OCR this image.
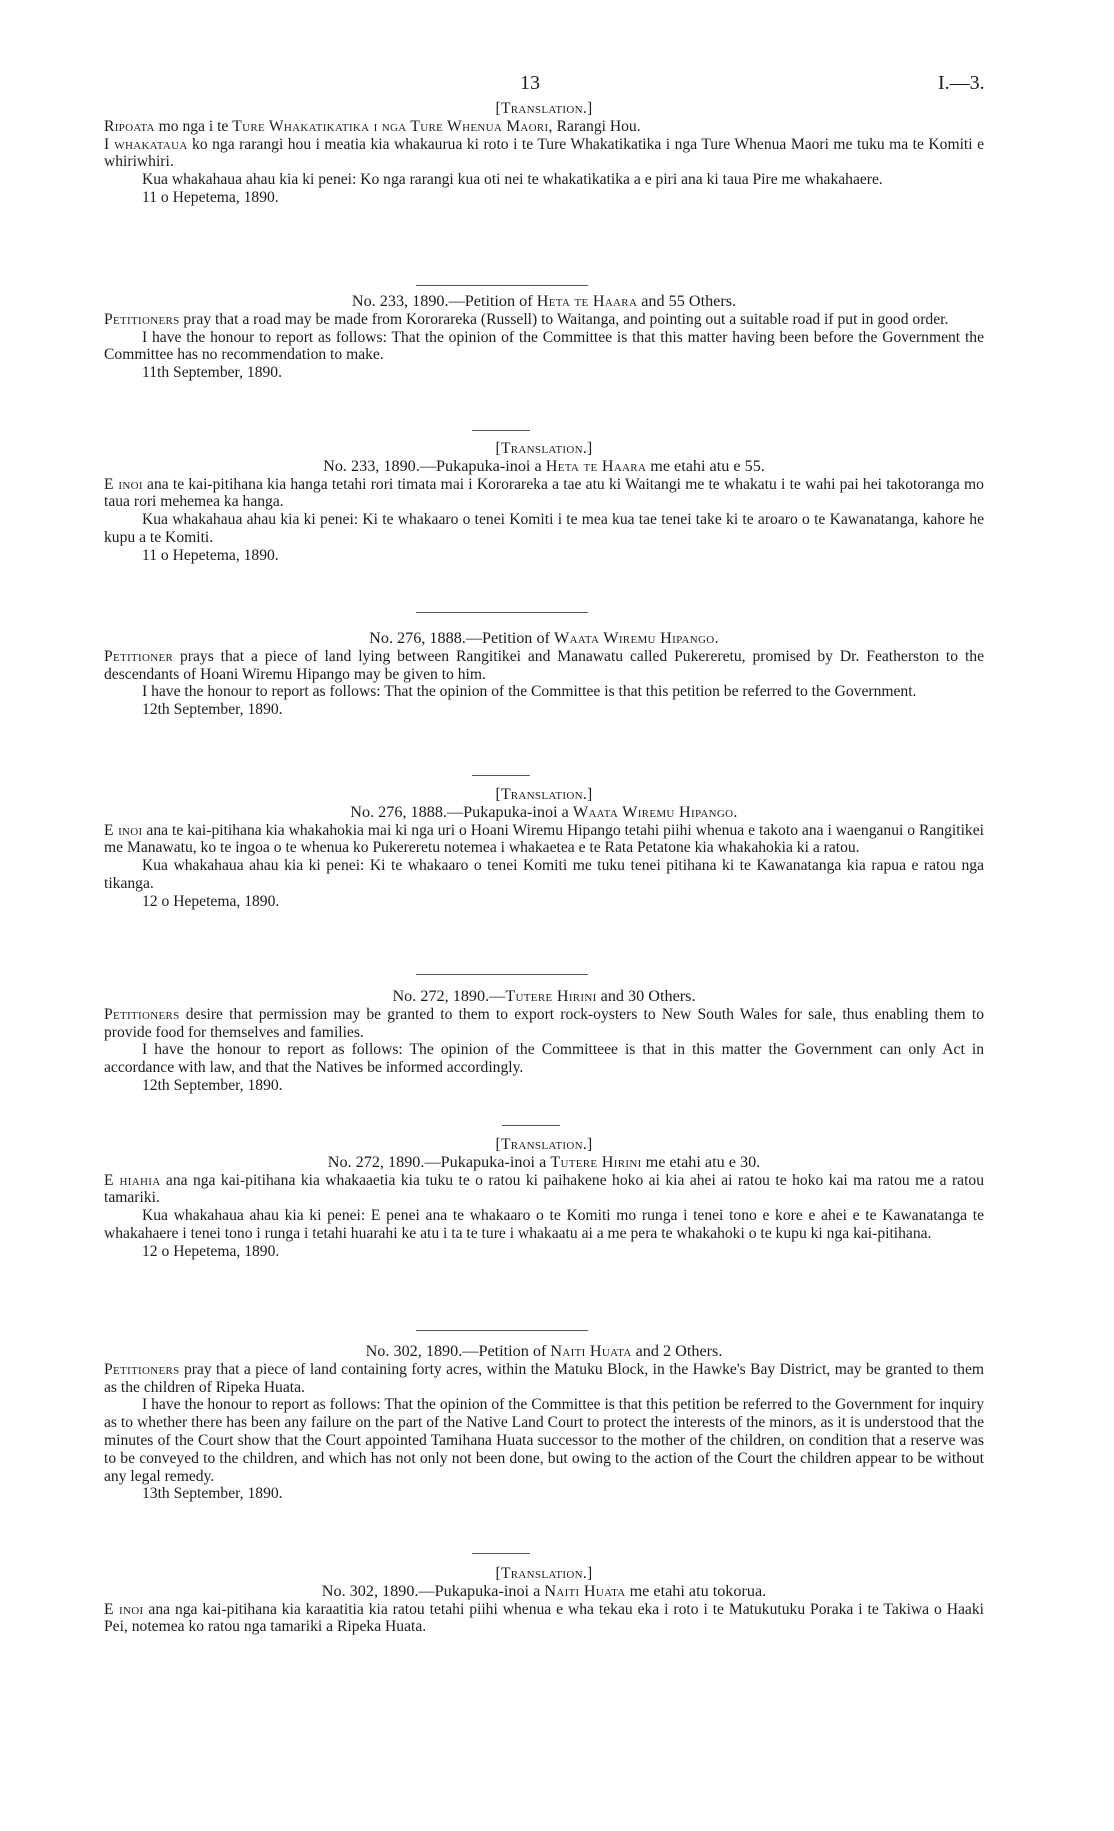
13	I.—3.

[Translation.]

Ripoata mo nga i te Ture Whakatikatika i nga Ture Whenua Maori, Rarangi Hou.

I whakataua ko nga rarangi hou i meatia kia whakaurua ki roto i te Ture Whakatikatika i nga Ture Whenua Maori me tuku ma te Komiti e whiriwhiri.

Kua whakahaua ahau kia ki penei: Ko nga rarangi kua oti nei te whakatikatika a e piri ana ki taua Pire me whakahaere.

11 o Hepetema, 1890.

No. 233, 1890.—Petition of Heta te Haara and 55 Others.

Petitioners pray that a road may be made from Kororareka (Russell) to Waitanga, and pointing out a suitable road if put in good order.

I have the honour to report as follows: That the opinion of the Committee is that this matter having been before the Government the Committee has no recommendation to make.

11th September, 1890.

[Translation.]

No. 233, 1890.—Pukapuka-inoi a Heta te Haara me etahi atu e 55.

E inoi ana te kai-pitihana kia hanga tetahi rori timata mai i Kororareka a tae atu ki Waitangi me te whakatu i te wahi pai hei takotoranga mo taua rori mehemea ka hanga.

Kua whakahaua ahau kia ki penei: Ki te whakaaro o tenei Komiti i te mea kua tae tenei take ki te aroaro o te Kawanatanga, kahore he kupu a te Komiti.

11 o Hepetema, 1890.

No. 276, 1888.—Petition of Waata Wiremu Hipango.

Petitioner prays that a piece of land lying between Rangitikei and Manawatu called Pukereretu, promised by Dr. Featherston to the descendants of Hoani Wiremu Hipango may be given to him.

I have the honour to report as follows: That the opinion of the Committee is that this petition be referred to the Government.

12th September, 1890.

[Translation.]

No. 276, 1888.—Pukapuka-inoi a Waata Wiremu Hipango.

E inoi ana te kai-pitihana kia whakahokia mai ki nga uri o Hoani Wiremu Hipango tetahi piihi whenua e takoto ana i waenganui o Rangitikei me Manawatu, ko te ingoa o te whenua ko Pukereretu notemea i whakaetea e te Rata Petatone kia whakahokia ki a ratou.

Kua whakahaua ahau kia ki penei: Ki te whakaaro o tenei Komiti me tuku tenei pitihana ki te Kawanatanga kia rapua e ratou nga tikanga.

12 o Hepetema, 1890.

No. 272, 1890.—Tutere Hirini and 30 Others.

Petitioners desire that permission may be granted to them to export rock-oysters to New South Wales for sale, thus enabling them to provide food for themselves and families.

I have the honour to report as follows: The opinion of the Committeee is that in this matter the Government can only Act in accordance with law, and that the Natives be informed accordingly.

12th September, 1890.

[Translation.]

No. 272, 1890.—Pukapuka-inoi a Tutere Hirini me etahi atu e 30.

E hiahia ana nga kai-pitihana kia whakaaetia kia tuku te o ratou ki paihakene hoko ai kia ahei ai ratou te hoko kai ma ratou me a ratou tamariki.

Kua whakahaua ahau kia ki penei: E penei ana te whakaaro o te Komiti mo runga i tenei tono e kore e ahei e te Kawanatanga te whakahaere i tenei tono i runga i tetahi huarahi ke atu i ta te ture i whakaatu ai a me pera te whakahoki o te kupu ki nga kai-pitihana.

12 o Hepetema, 1890.

No. 302, 1890.—Petition of Naiti Huata and 2 Others.

Petitioners pray that a piece of land containing forty acres, within the Matuku Block, in the Hawke's Bay District, may be granted to them as the children of Ripeka Huata.

I have the honour to report as follows: That the opinion of the Committee is that this petition be referred to the Government for inquiry as to whether there has been any failure on the part of the Native Land Court to protect the interests of the minors, as it is understood that the minutes of the Court show that the Court appointed Tamihana Huata successor to the mother of the children, on condition that a reserve was to be conveyed to the children, and which has not only not been done, but owing to the action of the Court the children appear to be without any legal remedy.

13th September, 1890.

[Translation.]

No. 302, 1890.—Pukapuka-inoi a Naiti Huata me etahi atu tokorua.

E inoi ana nga kai-pitihana kia karaatitia kia ratou tetahi piihi whenua e wha tekau eka i roto i te Matukutuku Poraka i te Takiwa o Haaki Pei, notemea ko ratou nga tamariki a Ripeka Huata.
